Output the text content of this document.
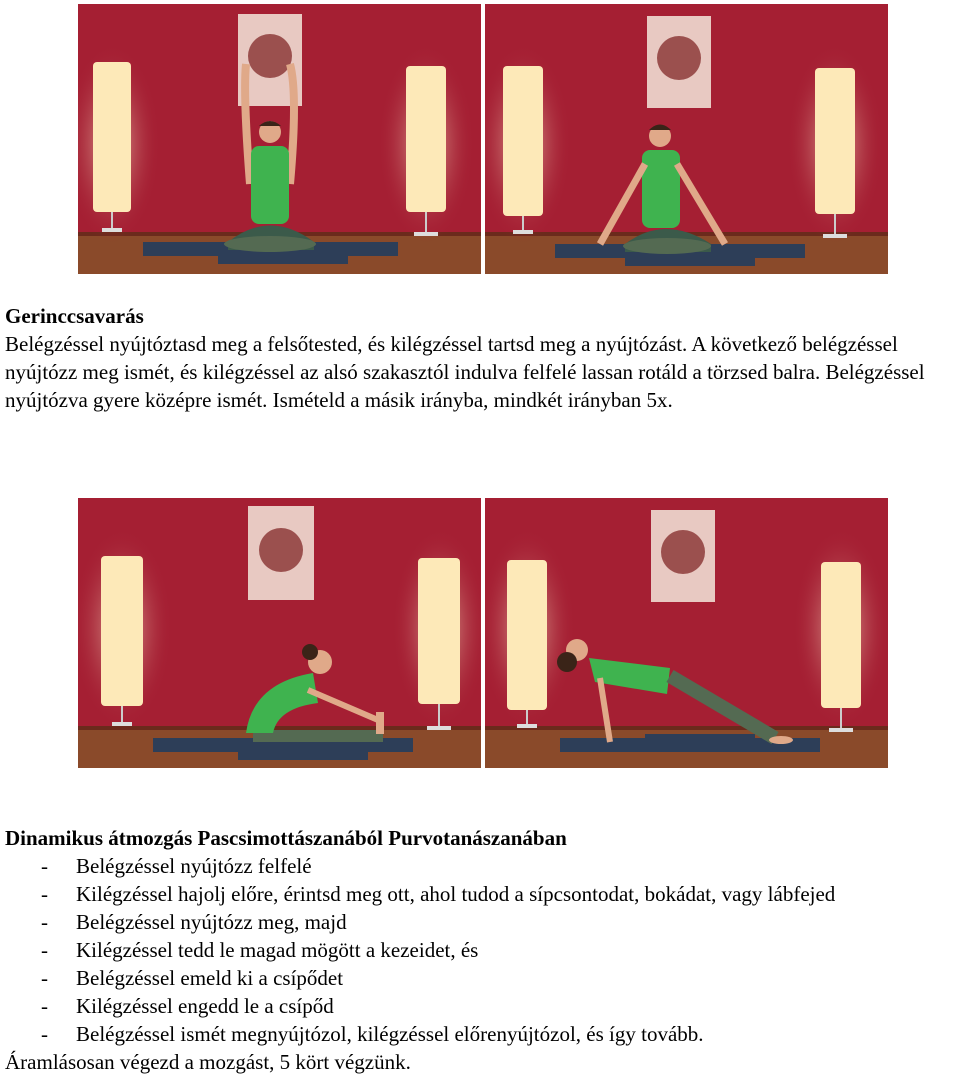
Gerinccsavarás
Belégzéssel nyújtóztasd meg a felsőtested, és kilégzéssel tartsd meg a nyújtózást. A következő belégzéssel nyújtózz meg ismét, és kilégzéssel az alsó szakasztól indulva felfelé lassan rotáld a törzsed balra. Belégzéssel nyújtózva gyere középre ismét. Ismételd a másik irányba, mindkét irányban 5x.
Dinamikus átmozgás Pascsimottászanából Purvotanászanában
- Belégzéssel nyújtózz felfelé
- Kilégzéssel hajolj előre, érintsd meg ott, ahol tudod a sípcsontodat, bokádat, vagy lábfejed
- Belégzéssel nyújtózz meg, majd
- Kilégzéssel tedd le magad mögött a kezeidet, és
- Belégzéssel emeld ki a csípődet
- Kilégzéssel engedd le a csípőd
- Belégzéssel ismét megnyújtózol, kilégzéssel előrenyújtózol, és így tovább.
Áramlásosan végezd a mozgást, 5 kört végzünk.
